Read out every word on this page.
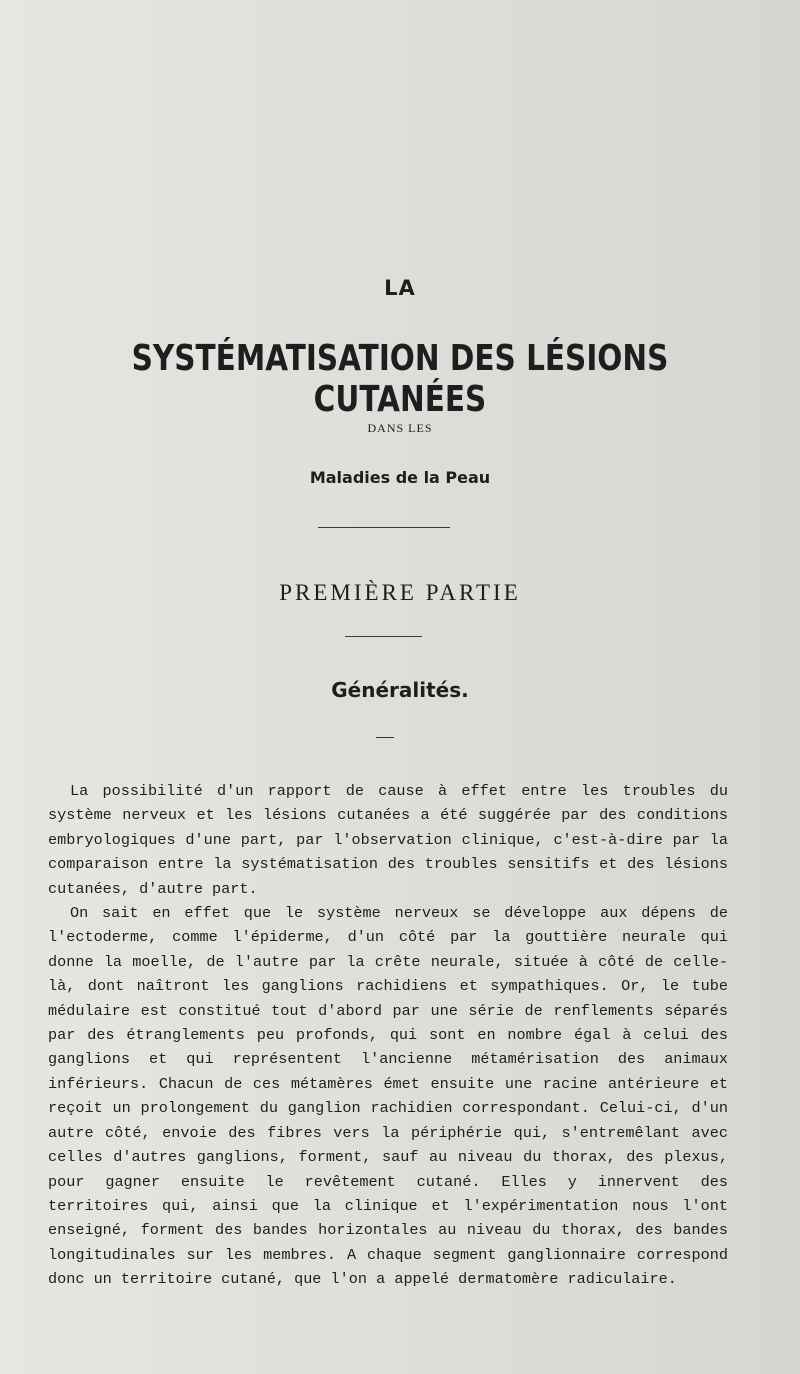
LA
SYSTÉMATISATION DES LÉSIONS CUTANÉES
DANS LES
Maladies de la Peau
PREMIÈRE PARTIE
Généralités.

La possibilité d'un rapport de cause à effet entre les troubles du système nerveux et les lésions cutanées a été suggérée par des conditions embryologiques d'une part, par l'observation clinique, c'est-à-dire par la comparaison entre la systématisation des troubles sensitifs et des lésions cutanées, d'autre part.

On sait en effet que le système nerveux se développe aux dépens de l'ectoderme, comme l'épiderme, d'un côté par la gouttière neurale qui donne la moelle, de l'autre par la crête neurale, située à côté de celle-là, dont naîtront les ganglions rachidiens et sympathiques. Or, le tube médulaire est constitué tout d'abord par une série de renflements séparés par des étranglements peu profonds, qui sont en nombre égal à celui des ganglions et qui représentent l'ancienne métamérisation des animaux inférieurs. Chacun de ces métamères émet ensuite une racine antérieure et reçoit un prolongement du ganglion rachidien correspondant. Celui-ci, d'un autre côté, envoie des fibres vers la périphérie qui, s'entremêlant avec celles d'autres ganglions, forment, sauf au niveau du thorax, des plexus, pour gagner ensuite le revêtement cutané. Elles y innervent des territoires qui, ainsi que la clinique et l'expérimentation nous l'ont enseigné, forment des bandes horizontales au niveau du thorax, des bandes longitudinales sur les membres. A chaque segment ganglionnaire correspond donc un territoire cutané, que l'on a appelé dermatomère radiculaire.
